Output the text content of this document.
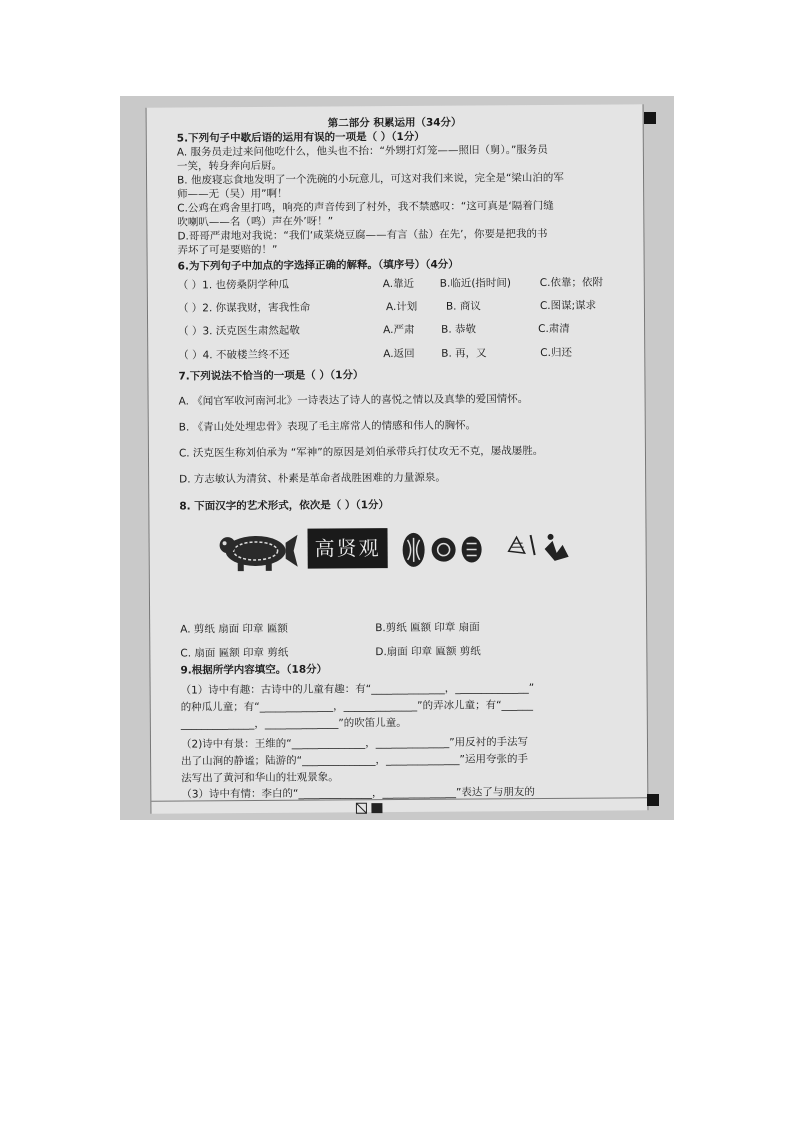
第二部分 积累运用（34分）
5.下列句子中歇后语的运用有误的一项是（ ）（1分）
A. 服务员走过来问他吃什么，他头也不抬：“外甥打灯笼——照旧（舅）。”服务员
一笑，转身奔向后厨。
B. 他废寝忘食地发明了一个洗碗的小玩意儿，可这对我们来说，完全是“梁山泊的军
师——无（吴）用”啊！
C.公鸡在鸡舍里打鸣，响亮的声音传到了村外，我不禁感叹：“这可真是‘隔着门缝
吹喇叭——名（鸣）声在外’呀！”
D.哥哥严肃地对我说：“我们‘咸菜烧豆腐——有言（盐）在先’，你要是把我的书
弄坏了可是要赔的！”
6.为下列句子中加点的字选择正确的解释。（填序号）（4分）
（ ）1. 也傍桑阴学种瓜	A.靠近 B.临近(指时间)	C.依靠；依附
（ ）2. 你谋我财，害我性命	A.计划	B. 商议	C.图谋;谋求
（ ）3. 沃克医生肃然起敬	A.严肃	B. 恭敬	C.肃清
（ ）4. 不破楼兰终不还	A.返回	B. 再，又	C.归还
7.下列说法不恰当的一项是（ ）（1分）
A. 《闻官军收河南河北》一诗表达了诗人的喜悦之情以及真挚的爱国情怀。
B. 《青山处处埋忠骨》表现了毛主席常人的情感和伟人的胸怀。
C. 沃克医生称刘伯承为 “军神”的原因是刘伯承带兵打仗攻无不克，屡战屡胜。
D. 方志敏认为清贫、朴素是革命者战胜困难的力量源泉。
8. 下面汉字的艺术形式，依次是（ ）（1分）
高贤观
A. 剪纸 扇面 印章 匾额	B.剪纸 匾额 印章 扇面
C. 扇面 匾额 印章 剪纸	D.扇面 印章 匾额 剪纸
9.根据所学内容填空。（18分）
（1）诗中有趣：古诗中的儿童有趣：有“______________，______________”
的种瓜儿童；有“______________，______________”的弄冰儿童；有“______
______________，______________”的吹笛儿童。
（2)诗中有景：王维的“______________，______________”用反衬的手法写
出了山涧的静谧；陆游的“______________，______________”运用夸张的手
法写出了黄河和华山的壮观景象。
（3）诗中有情：李白的“______________，______________”表达了与朋友的
